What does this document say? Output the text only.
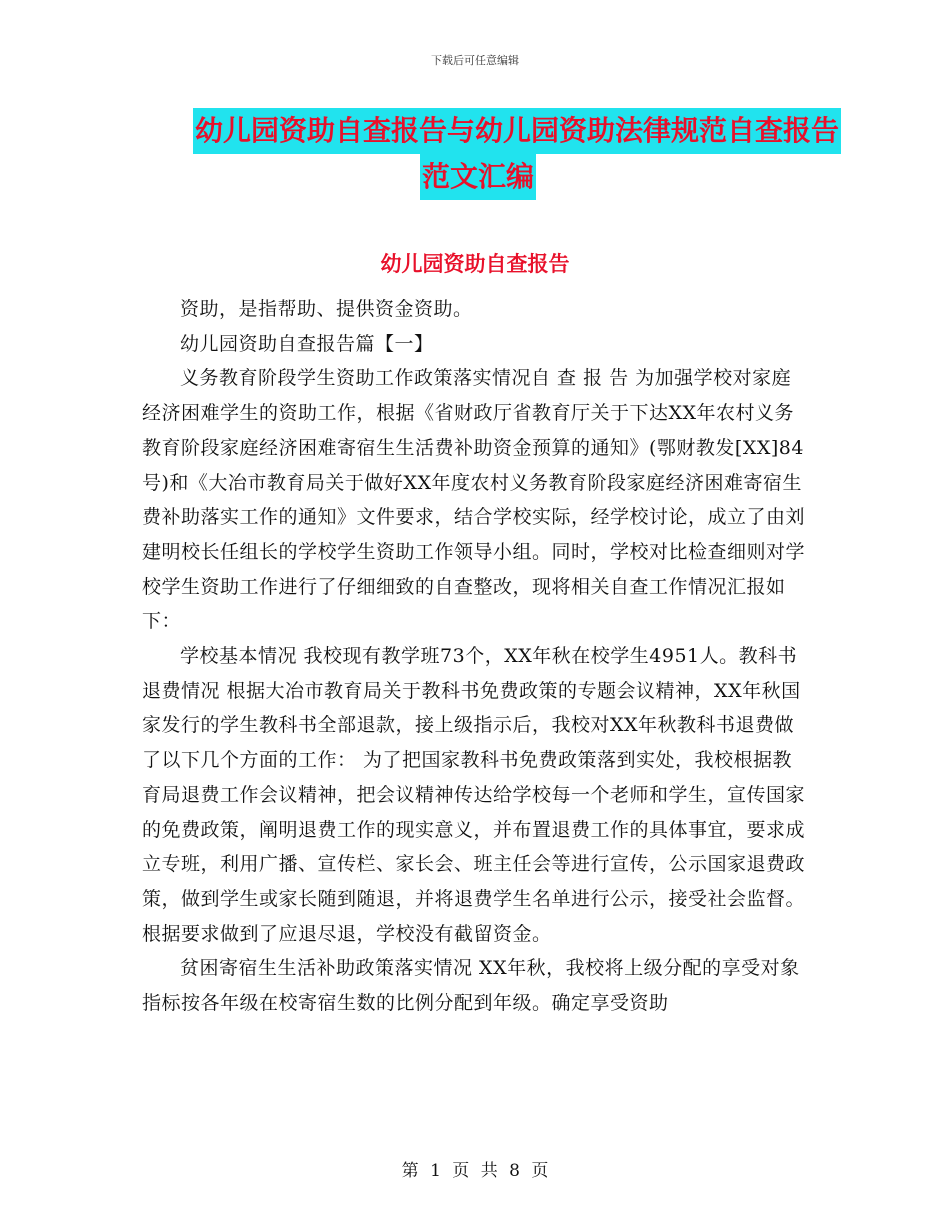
下载后可任意编辑
幼儿园资助自查报告与幼儿园资助法律规范自查报告
范文汇编
幼儿园资助自查报告

资助，是指帮助、提供资金资助。

幼儿园资助自查报告篇【一】

义务教育阶段学生资助工作政策落实情况自 查 报 告 为加强学校对家庭经济困难学生的资助工作，根据《省财政厅省教育厅关于下达XX年农村义务教育阶段家庭经济困难寄宿生生活费补助资金预算的通知》(鄂财教发[XX]84号)和《大冶市教育局关于做好XX年度农村义务教育阶段家庭经济困难寄宿生费补助落实工作的通知》文件要求，结合学校实际，经学校讨论，成立了由刘建明校长任组长的学校学生资助工作领导小组。同时，学校对比检查细则对学校学生资助工作进行了仔细细致的自查整改，现将相关自查工作情况汇报如下：

学校基本情况 我校现有教学班73个，XX年秋在校学生4951人。教科书退费情况 根据大冶市教育局关于教科书免费政策的专题会议精神，XX年秋国家发行的学生教科书全部退款，接上级指示后，我校对XX年秋教科书退费做了以下几个方面的工作： 为了把国家教科书免费政策落到实处，我校根据教育局退费工作会议精神，把会议精神传达给学校每一个老师和学生，宣传国家的免费政策，阐明退费工作的现实意义，并布置退费工作的具体事宜，要求成立专班，利用广播、宣传栏、家长会、班主任会等进行宣传，公示国家退费政策，做到学生或家长随到随退，并将退费学生名单进行公示，接受社会监督。根据要求做到了应退尽退，学校没有截留资金。

贫困寄宿生生活补助政策落实情况 XX年秋，我校将上级分配的享受对象指标按各年级在校寄宿生数的比例分配到年级。确定享受资助

第 1 页 共 8 页
